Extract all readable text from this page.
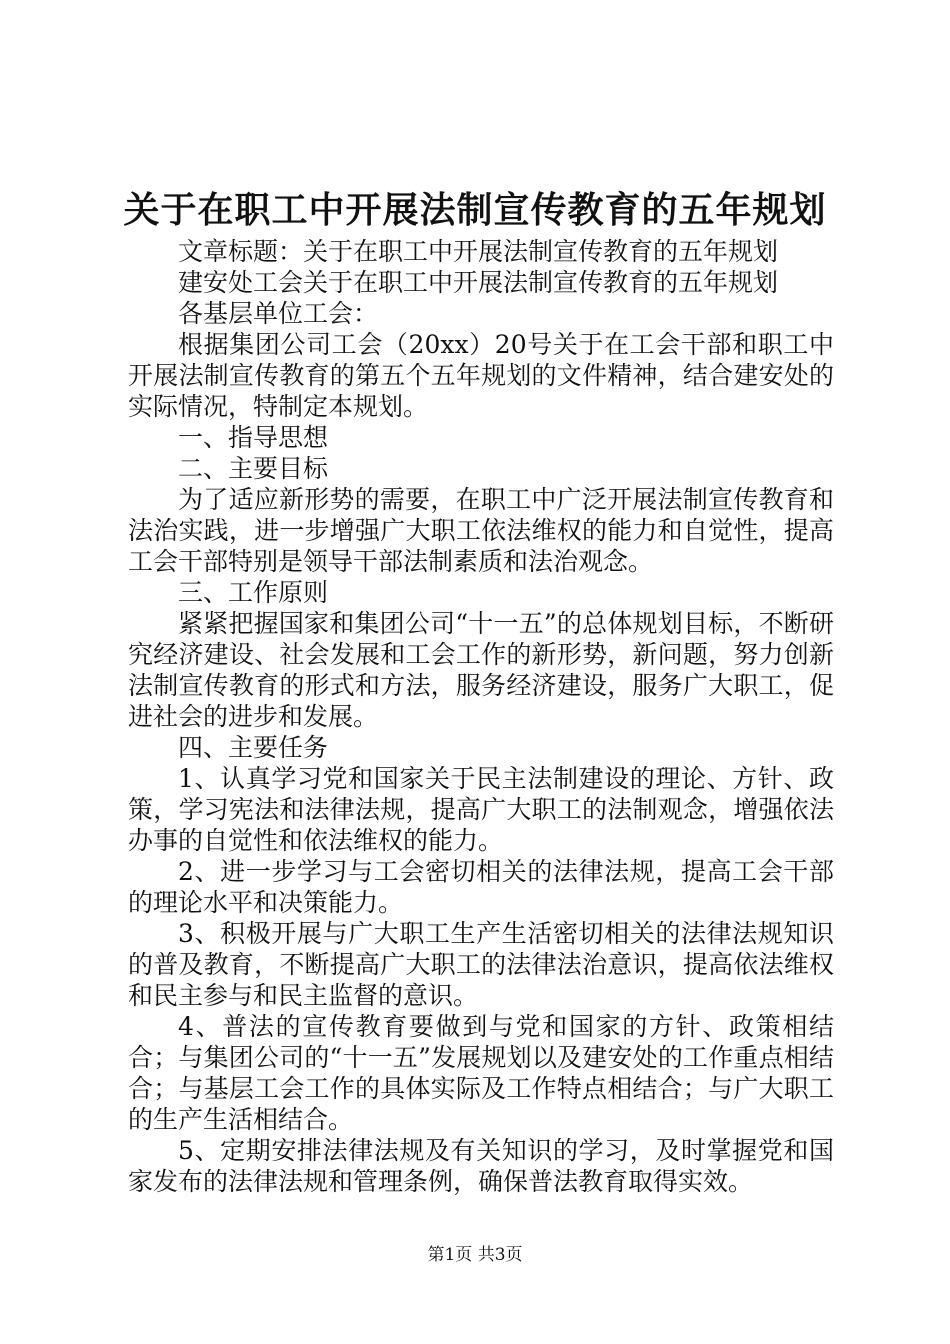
关于在职工中开展法制宣传教育的五年规划

文章标题：关于在职工中开展法制宣传教育的五年规划

建安处工会关于在职工中开展法制宣传教育的五年规划

各基层单位工会：

根据集团公司工会（20xx）20号关于在工会干部和职工中开展法制宣传教育的第五个五年规划的文件精神，结合建安处的实际情况，特制定本规划。

一、指导思想

二、主要目标

为了适应新形势的需要，在职工中广泛开展法制宣传教育和法治实践，进一步增强广大职工依法维权的能力和自觉性，提高工会干部特别是领导干部法制素质和法治观念。

三、工作原则

紧紧把握国家和集团公司“十一五”的总体规划目标，不断研究经济建设、社会发展和工会工作的新形势，新问题，努力创新法制宣传教育的形式和方法，服务经济建设，服务广大职工，促进社会的进步和发展。

四、主要任务

1、认真学习党和国家关于民主法制建设的理论、方针、政策，学习宪法和法律法规，提高广大职工的法制观念，增强依法办事的自觉性和依法维权的能力。

2、进一步学习与工会密切相关的法律法规，提高工会干部的理论水平和决策能力。

3、积极开展与广大职工生产生活密切相关的法律法规知识的普及教育，不断提高广大职工的法律法治意识，提高依法维权和民主参与和民主监督的意识。

4、普法的宣传教育要做到与党和国家的方针、政策相结合；与集团公司的“十一五”发展规划以及建安处的工作重点相结合；与基层工会工作的具体实际及工作特点相结合；与广大职工的生产生活相结合。

5、定期安排法律法规及有关知识的学习，及时掌握党和国家发布的法律法规和管理条例，确保普法教育取得实效。

第1页 共3页
